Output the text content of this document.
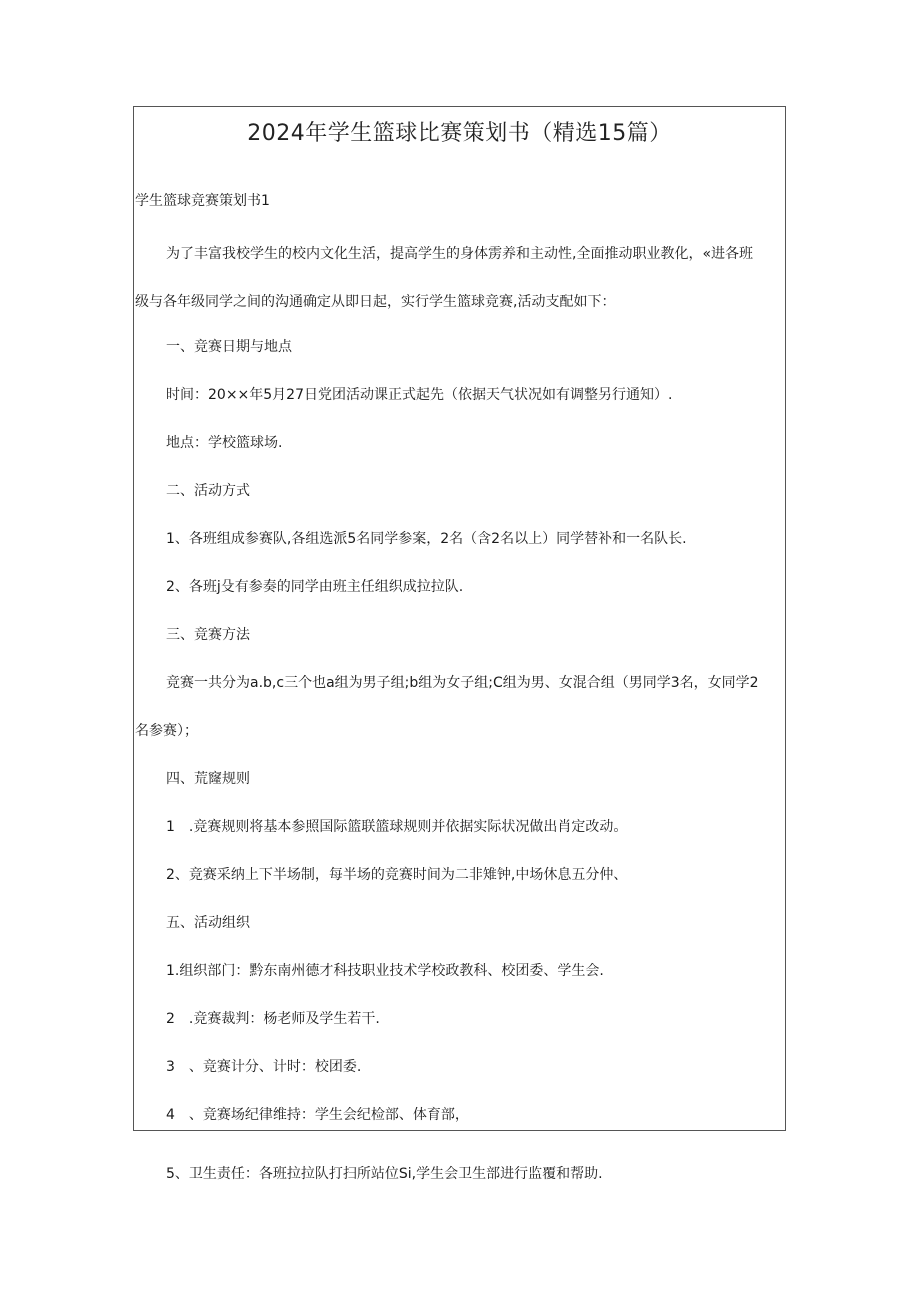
2024年学生篮球比赛策划书（精选15篇）
学生篮球竞赛策划书1
为了丰富我校学生的校内文化生活，提高学生的身体雳养和主动性,全面推动职业教化，«进各班
级与各年级同学之间的沟通确定从即日起，实行学生篮球竞赛,活动支配如下：
一、竞赛日期与地点
时间：20××年5月27日党团活动课正式起先（依据天气状况如有调整另行通知）.
地点：学校篮球场.
二、活动方式
1、各班组成参赛队,各组选派5名同学参案，2名（含2名以上）同学替补和一名队长.
2、各班j殳有参奏的同学由班主任组织成拉拉队.
三、竞赛方法
竞赛一共分为a.b,c三个也a组为男子组;b组为女子组;C组为男、女混合组（男同学3名，女同学2
名参赛）；
四、荒窿规则
1　.竞赛规则将基本参照国际篮联篮球规则并依据实际状况做出肖定改动。
2、竞赛采纳上下半场制，每半场的竞赛时间为二非雉钟,中场休息五分仲、
五、活动组织
1.组织部门：黔东南州德才科技职业技术学校政教科、校团委、学生会.
2　.竞赛裁判：杨老师及学生若干.
3　、竞赛计分、计时：校团委.
4　、竞赛场纪律维持：学生会纪检部、体育部，
5、卫生责任：各班拉拉队打扫所站位Si,学生会卫生部进行监覆和帮助.
